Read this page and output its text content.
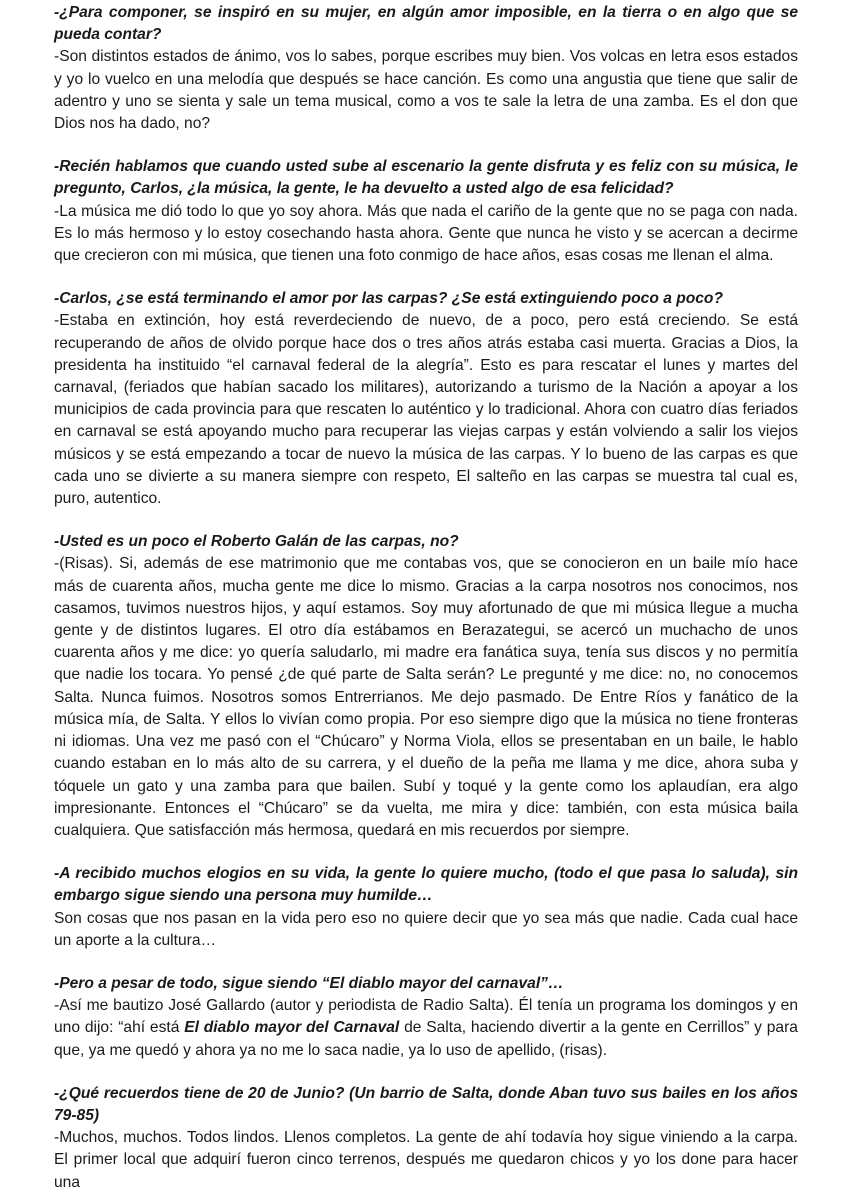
-¿Para componer, se inspiró en su mujer, en algún amor imposible, en la tierra o en algo que se pueda contar?

-Son distintos estados de ánimo, vos lo sabes, porque escribes muy bien. Vos volcas en letra esos estados y yo lo vuelco en una melodía que después se hace canción. Es como una angustia que tiene que salir de adentro y uno se sienta y sale un tema musical, como a vos te sale la letra de una zamba. Es el don que Dios nos ha dado, no?

-Recién hablamos que cuando usted sube al escenario la gente disfruta y es feliz con su música, le pregunto, Carlos, ¿la música, la gente, le ha devuelto a usted algo de esa felicidad?

-La música me dió todo lo que yo soy ahora. Más que nada el cariño de la gente que no se paga con nada. Es lo más hermoso y lo estoy cosechando hasta ahora. Gente que nunca he visto y se acercan a decirme que crecieron con mi música, que tienen una foto conmigo de hace años, esas cosas me llenan el alma.

-Carlos, ¿se está terminando el amor por las carpas? ¿Se está extinguiendo poco a poco?

-Estaba en extinción, hoy está reverdeciendo de nuevo, de a poco, pero está creciendo. Se está recuperando de años de olvido porque hace dos o tres años atrás estaba casi muerta. Gracias a Dios, la presidenta ha instituido “el carnaval federal de la alegría”. Esto es para rescatar el lunes y martes del carnaval, (feriados que habían sacado los militares), autorizando a turismo de la Nación a apoyar a los municipios de cada provincia para que rescaten lo auténtico y lo tradicional. Ahora con cuatro días feriados en carnaval se está apoyando mucho para recuperar las viejas carpas y están volviendo a salir los viejos músicos y se está empezando a tocar de nuevo la música de las carpas. Y lo bueno de las carpas es que cada uno se divierte a su manera siempre con respeto, El salteño en las carpas se muestra tal cual es, puro, autentico.

-Usted es un poco el Roberto Galán de las carpas, no?

-(Risas). Si, además de ese matrimonio que me contabas vos, que se conocieron en un baile mío hace más de cuarenta años, mucha gente me dice lo mismo. Gracias a la carpa nosotros nos conocimos, nos casamos, tuvimos nuestros hijos, y aquí estamos. Soy muy afortunado de que mi música llegue a mucha gente y de distintos lugares. El otro día estábamos en Berazategui, se acercó un muchacho de unos cuarenta años y me dice: yo quería saludarlo, mi madre era fanática suya, tenía sus discos y no permitía que nadie los tocara. Yo pensé ¿de qué parte de Salta serán? Le pregunté y me dice: no, no conocemos Salta. Nunca fuimos. Nosotros somos Entrerrianos. Me dejo pasmado. De Entre Ríos y fanático de la música mía, de Salta. Y ellos lo vivían como propia. Por eso siempre digo que la música no tiene fronteras ni idiomas. Una vez me pasó con el “Chúcaro” y Norma Viola, ellos se presentaban en un baile, le hablo cuando estaban en lo más alto de su carrera, y el dueño de la peña me llama y me dice, ahora suba y tóquele un gato y una zamba para que bailen. Subí y toqué y la gente como los aplaudían, era algo impresionante. Entonces el “Chúcaro” se da vuelta, me mira y dice: también, con esta música baila cualquiera. Que satisfacción más hermosa, quedará en mis recuerdos por siempre.

-A recibido muchos elogios en su vida, la gente lo quiere mucho, (todo el que pasa lo saluda), sin embargo sigue siendo una persona muy humilde…

Son cosas que nos pasan en la vida pero eso no quiere decir que yo sea más que nadie. Cada cual hace un aporte a la cultura…

-Pero a pesar de todo, sigue siendo “El diablo mayor del carnaval”…

-Así me bautizo José Gallardo (autor y periodista de Radio Salta). Él tenía un programa los domingos y en uno dijo: “ahí está El diablo mayor del Carnaval de Salta, haciendo divertir a la gente en Cerrillos” y para que, ya me quedó y ahora ya no me lo saca nadie, ya lo uso de apellido, (risas).

-¿Qué recuerdos tiene de 20 de Junio? (Un barrio de Salta, donde Aban tuvo sus bailes en los años 79-85)

-Muchos, muchos. Todos lindos. Llenos completos. La gente de ahí todavía hoy sigue viniendo a la carpa. El primer local que adquirí fueron cinco terrenos, después me quedaron chicos y yo los done para hacer una
